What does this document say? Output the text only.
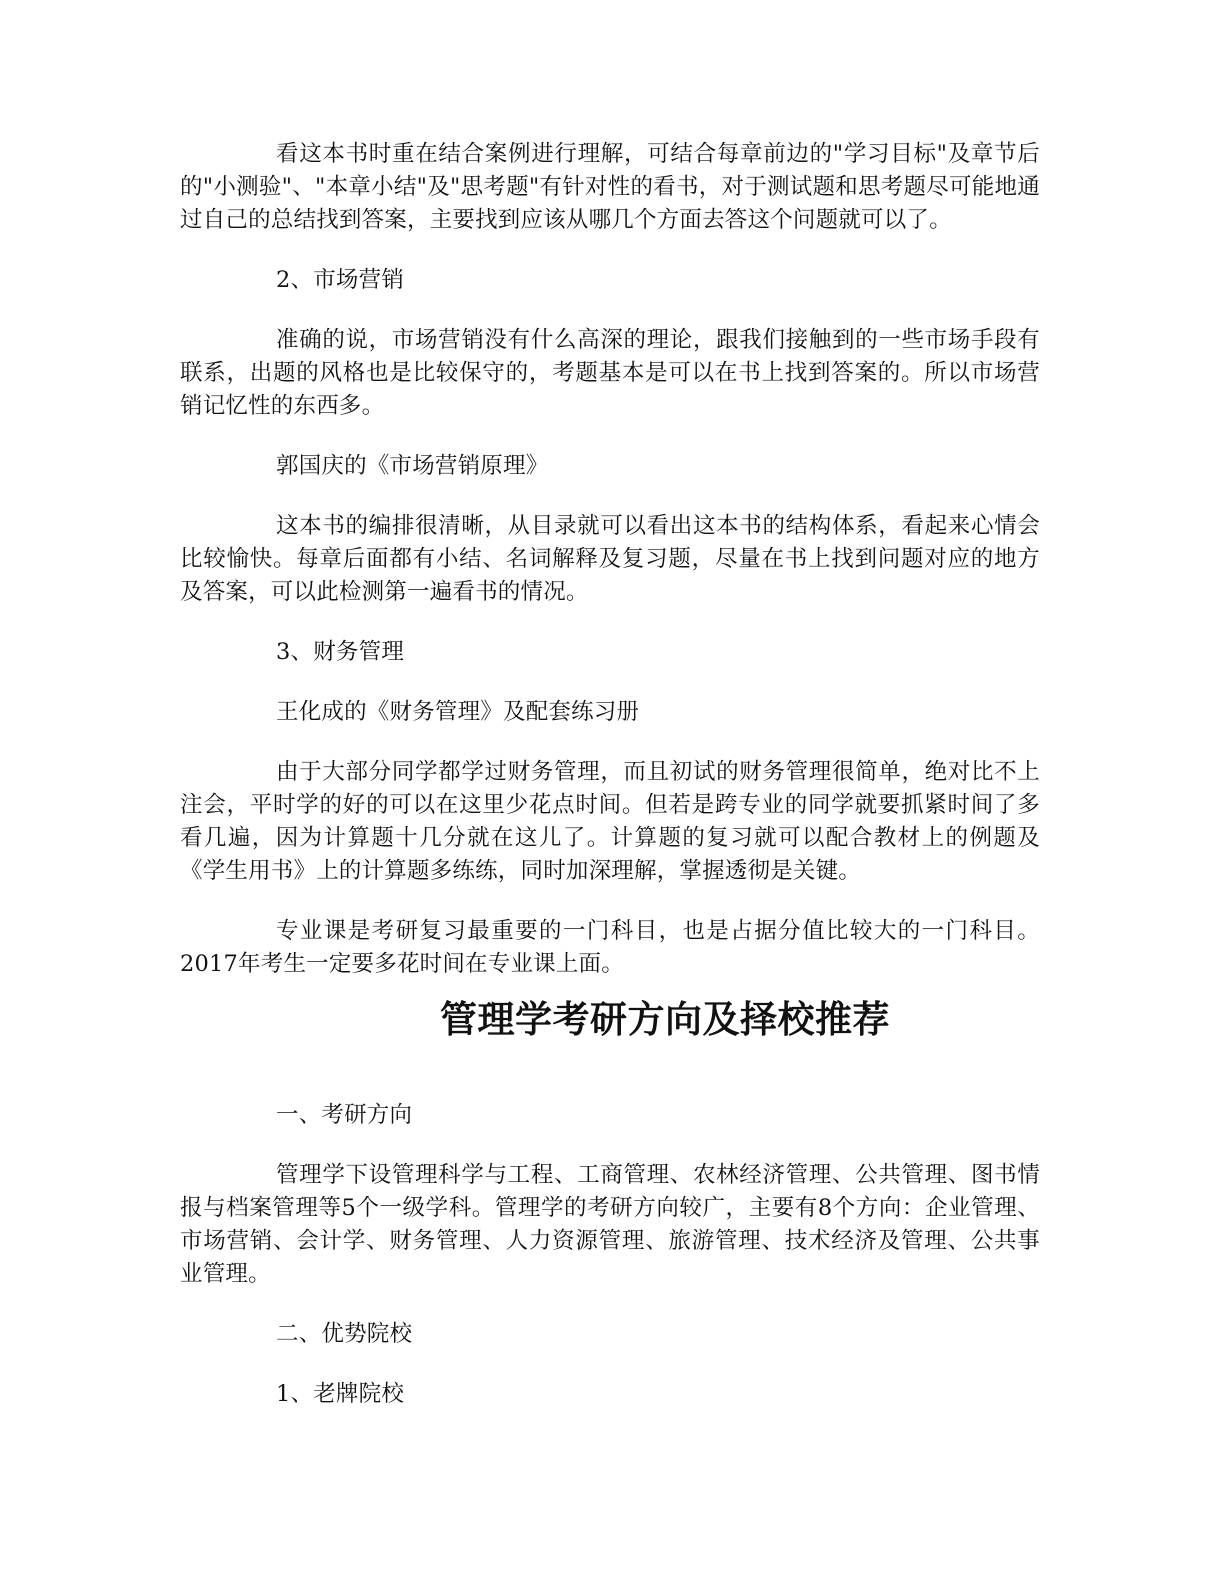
看这本书时重在结合案例进行理解，可结合每章前边的"学习目标"及章节后的"小测验"、"本章小结"及"思考题"有针对性的看书，对于测试题和思考题尽可能地通过自己的总结找到答案，主要找到应该从哪几个方面去答这个问题就可以了。

2、市场营销

准确的说，市场营销没有什么高深的理论，跟我们接触到的一些市场手段有联系，出题的风格也是比较保守的，考题基本是可以在书上找到答案的。所以市场营销记忆性的东西多。

郭国庆的《市场营销原理》

这本书的编排很清晰，从目录就可以看出这本书的结构体系，看起来心情会比较愉快。每章后面都有小结、名词解释及复习题，尽量在书上找到问题对应的地方及答案，可以此检测第一遍看书的情况。

3、财务管理

王化成的《财务管理》及配套练习册

由于大部分同学都学过财务管理，而且初试的财务管理很简单，绝对比不上注会，平时学的好的可以在这里少花点时间。但若是跨专业的同学就要抓紧时间了多看几遍，因为计算题十几分就在这儿了。计算题的复习就可以配合教材上的例题及《学生用书》上的计算题多练练，同时加深理解，掌握透彻是关键。

专业课是考研复习最重要的一门科目，也是占据分值比较大的一门科目。2017年考生一定要多花时间在专业课上面。

管理学考研方向及择校推荐

一、考研方向

管理学下设管理科学与工程、工商管理、农林经济管理、公共管理、图书情报与档案管理等5个一级学科。管理学的考研方向较广，主要有8个方向：企业管理、市场营销、会计学、财务管理、人力资源管理、旅游管理、技术经济及管理、公共事业管理。

二、优势院校

1、老牌院校
